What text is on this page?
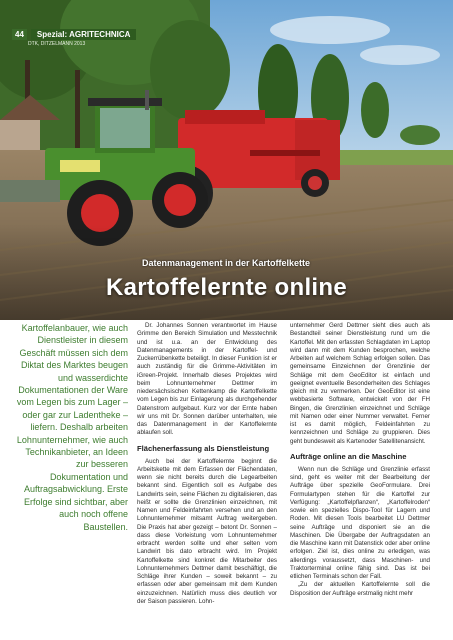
44	Spezial: AGRITECHNICA
DTK, DITZELMANN 2013
Datenmanagement in der Kartoffelkette
Kartoffelernte online
Kartoffelanbauer, wie auch Dienstleister in diesem Geschäft müssen sich dem Diktat des Marktes beugen und wasserdichte Dokumentationen der Ware vom Legen bis zum Lager – oder gar zur Ladentheke – liefern. Deshalb arbeiten Lohnunternehmer, wie auch Technikanbieter, an Ideen zur besseren Dokumentation und Auftragsabwicklung. Erste Erfolge sind sichtbar, aber auch noch offene Baustellen.

Dr. Johannes Sonnen verantwortet im Hause Grimme den Bereich Simulation und Messtechnik und ist u.a. an der Entwicklung des Datenmanagements in der Kartoffel- und Zuckerrübenkette beteiligt. In dieser Funktion ist er auch zuständig für die Grimme-Aktivitäten im iGreen-Projekt. Innerhalb dieses Projektes wird beim Lohnunternehmer Dettmer im niedersächsischen Kettenkamp die Kartoffelkette vom Legen bis zur Einlagerung als durchgehender Datenstrom aufgebaut. Kurz vor der Ernte haben wir uns mit Dr. Sonnen darüber unterhalten, wie das Datenmanagement in der Kartoffelernte ablaufen soll.

Flächenerfassung als Dienstleistung

Auch bei der Kartoffelernte beginnt die Arbeitskette mit dem Erfassen der Flächendaten, wenn sie nicht bereits durch die Legearbeiten bekannt sind. Eigentlich soll es Aufgabe des Landwirts sein, seine Flächen zu digitalisieren, das heißt er sollte die Grenzlinien einzeichnen, mit Namen und Feldeinfahrten versehen und an den Lohnunternehmer mitsamt Auftrag weitergeben. Die Praxis hat aber gezeigt – betont Dr. Sonnen – dass diese Vorleistung vom Lohnunternehmer erbracht werden sollte und eher selten vom Landwirt bis dato erbracht wird. Im Projekt Kartoffelkette sind konkret die Mitarbeiter des Lohnunternehmers Dettmer damit beschäftigt, die Schläge ihrer Kunden – soweit bekannt – zu erfassen oder aber gemeinsam mit dem Kunden einzuzeichnen. Natürlich muss dies deutlich vor der Saison passieren. Lohn-

unternehmer Gerd Dettmer sieht dies auch als Bestandteil seiner Dienstleistung rund um die Kartoffel. Mit den erfassten Schlagdaten im Laptop wird dann mit dem Kunden besprochen, welche Arbeiten auf welchem Schlag erfolgen sollen. Das gemeinsame Einzeichnen der Grenzlinie der Schläge mit dem GeoEditor ist einfach und geeignet eventuelle Besonderheiten des Schlages gleich mit zu vermerken. Der GeoEditor ist eine webbasierte Software, entwickelt von der FH Bingen, die Grenzlinien einzeichnet und Schläge mit Namen oder einer Nummer verwaltet. Ferner ist es damit möglich, Feldeinfahrten zu kennzeichnen und Schläge zu gruppieren. Dies geht bundesweit als Kartenoder Satellitenansicht.

Aufträge online an die Maschine

Wenn nun die Schläge und Grenzlinie erfasst sind, geht es weiter mit der Bearbeitung der Aufträge über spezielle GeoFormulare. Drei Formulartypen stehen für die Kartoffel zur Verfügung: „Kartoffelpflanzen“, „Kartoffelroden“ sowie ein spezielles Dispo-Tool für Lagern und Roden. Mit diesen Tools bearbeitet LU Dettmer seine Aufträge und disponiert sie an die Maschinen. Die Übergabe der Auftragsdaten an die Maschine kann mit Datenstick oder aber online erfolgen. Ziel ist, dies online zu erledigen, was allerdings voraussetzt, dass Maschinen- und Traktorterminal online fähig sind. Das ist bei etlichen Terminals schon der Fall.

„Zu der aktuellen Kartoffelernte soll die Disposition der Aufträge erstmalig nicht mehr
